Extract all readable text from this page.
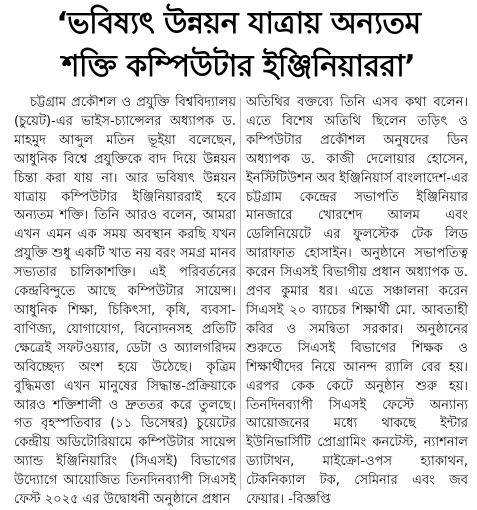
‘ভবিষ্যৎ উন্নয়ন যাত্রায় অন্যতম
শক্তি কম্পিউটার ইঞ্জিনিয়াররা’

চট্টগ্রাম প্রকৌশল ও প্রযুক্তি বিশ্ববিদ্যালয় (চুয়েট)-এর ভাইস-চ্যান্সেলর অধ্যাপক ড. মাহমুদ আব্দুল মতিন ভূইয়া বলেছেন, আধুনিক বিশ্বে প্রযুক্তিকে বাদ দিয়ে উন্নয়ন চিন্তা করা যায় না। আর ভবিষ্যৎ উন্নয়ন যাত্রায় কম্পিউটার ইঞ্জিনিয়াররাই হবে অন্যতম শক্তি। তিনি আরও বলেন, আমরা এখন এমন এক সময় অবস্থান করছি যখন প্রযুক্তি শুধু একটি খাত নয় বরং সমগ্র মানব সভ্যতার চালিকাশক্তি। এই পরিবর্তনের কেন্দ্রবিন্দুতে আছে কম্পিউটার সায়েন্স। আধুনিক শিক্ষা, চিকিৎসা, কৃষি, ব্যবসা-বাণিজ্য, যোগাযোগ, বিনোদনসহ প্রতিটি ক্ষেত্রেই সফটওয়্যার, ডেটা ও অ্যালগরিদম অবিচ্ছেদ্য অংশ হয়ে উঠেছে। কৃত্রিম বুদ্ধিমত্তা এখন মানুষের সিদ্ধান্ত-প্রক্রিয়াকে আরও শক্তিশালী ও দ্রুততর করে তুলছে। গত বৃহস্পতিবার (১১ ডিসেম্বর) চুয়েটের কেন্দ্রীয় অডিটোরিয়ামে কম্পিউটার সায়েন্স অ্যান্ড ইঞ্জিনিয়ারিং (সিএসই) বিভাগের উদ্যোগে আয়োজিত তিনদিনব্যাপী সিএসই ফেস্ট ২০২৫ এর উদ্বোধনী অনুষ্ঠানে প্রধান

অতিথির বক্তব্যে তিনি এসব কথা বলেন। এতে বিশেষ অতিথি ছিলেন তড়িৎ ও কম্পিউটার প্রকৌশল অনুষদের ডিন অধ্যাপক ড. কাজী দেলোয়ার হোসেন, ইনস্টিটিউশন অব ইঞ্জিনিয়ার্স বাংলাদেশ-এর চট্টগ্রাম কেন্দ্রের সভাপতি ইঞ্জিনিয়ার মানজারে খোরশেদ আলম এবং ডেলিনিয়েটে এর ফুলস্টেক টেক লিড আরাফাত হোসাইন। অনুষ্ঠানে সভাপতিত্ব করেন সিএসই বিভাগীয় প্রধান অধ্যাপক ড. প্রণব কুমার ধর। এতে সঞ্চালনা করেন সিএসই ২০ ব্যাচের শিক্ষার্থী মো. আবতাহী কবির ও সমন্বিতা সরকার। অনুষ্ঠানের শুরুতে সিএসই বিভাগের শিক্ষক ও শিক্ষার্থীদের নিয়ে আনন্দ র‍্যালি বের হয়। এরপর কেক কেটে অনুষ্ঠান শুরু হয়। তিনদিনব্যাপী সিএসই ফেস্টে অন্যান্য আয়োজনের মধ্যে থাকছে ইন্টার ইউনিভার্সিটি প্রোগ্রামিং কনটেস্ট, ন্যাশনাল ড্যাটাথন, মাইক্রো-ওপস হ্যাকাথন, টেকনিক্যাল টক, সেমিনার এবং জব ফেয়ার। -বিজ্ঞপ্তি
